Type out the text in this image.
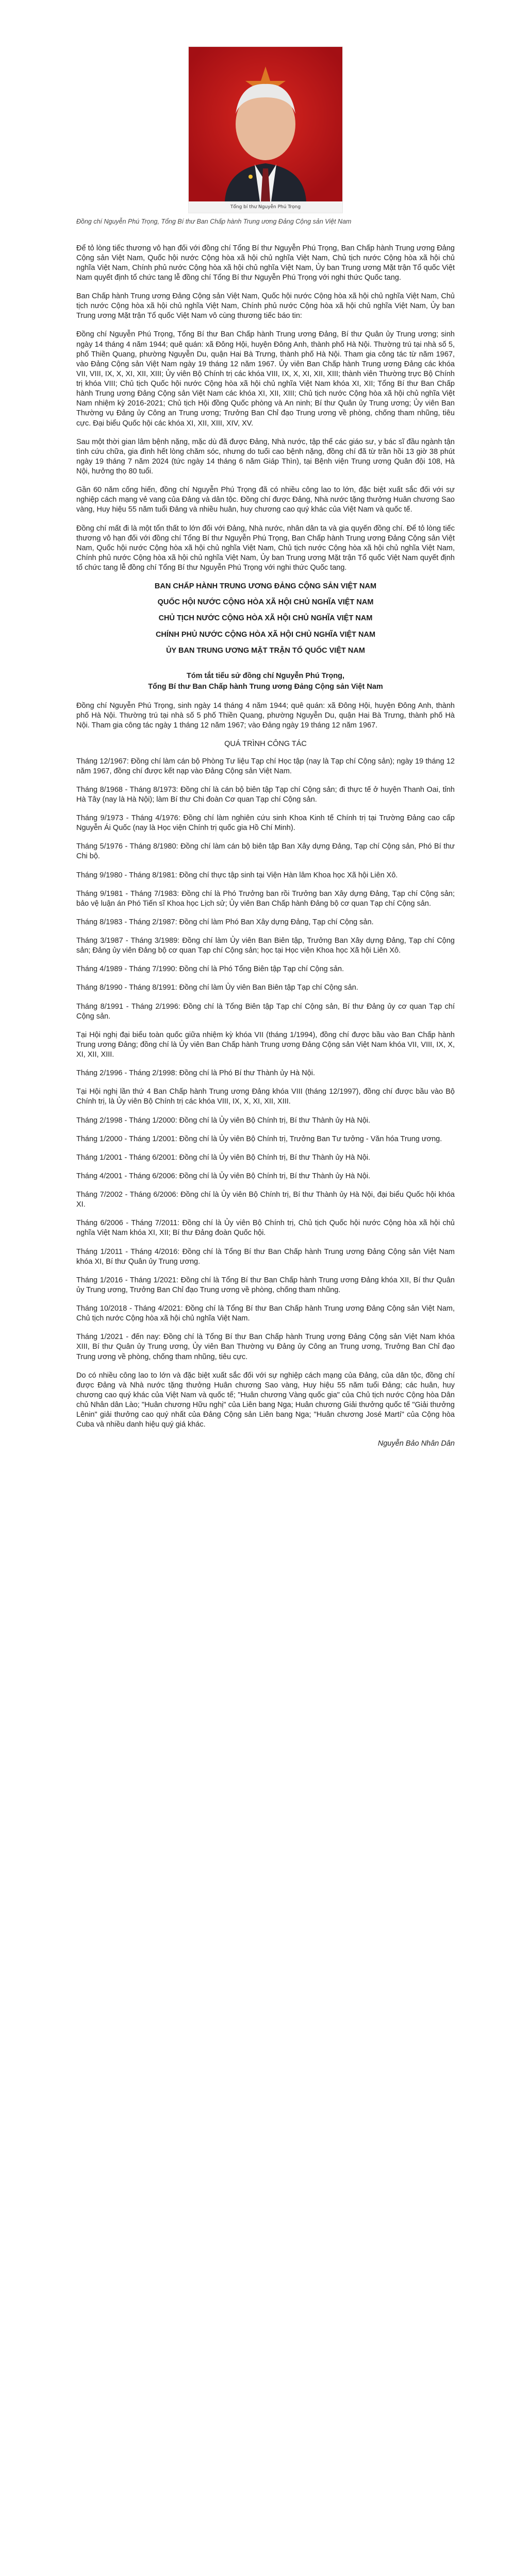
Tổng bí thư Nguyễn Phú Trọng
Đồng chí Nguyễn Phú Trọng, Tổng Bí thư Ban Chấp hành Trung ương Đảng Cộng sản Việt Nam

Để tỏ lòng tiếc thương vô hạn đối với đồng chí Tổng Bí thư Nguyễn Phú Trọng, Ban Chấp hành Trung ương Đảng Cộng sản Việt Nam, Quốc hội nước Cộng hòa xã hội chủ nghĩa Việt Nam, Chủ tịch nước Cộng hòa xã hội chủ nghĩa Việt Nam, Chính phủ nước Cộng hòa xã hội chủ nghĩa Việt Nam, Ủy ban Trung ương Mặt trận Tổ quốc Việt Nam quyết định tổ chức tang lễ đồng chí Tổng Bí thư Nguyễn Phú Trọng với nghi thức Quốc tang.

Ban Chấp hành Trung ương Đảng Cộng sản Việt Nam, Quốc hội nước Cộng hòa xã hội chủ nghĩa Việt Nam, Chủ tịch nước Cộng hòa xã hội chủ nghĩa Việt Nam, Chính phủ nước Cộng hòa xã hội chủ nghĩa Việt Nam, Ủy ban Trung ương Mặt trận Tổ quốc Việt Nam vô cùng thương tiếc báo tin:

Đồng chí Nguyễn Phú Trọng, Tổng Bí thư Ban Chấp hành Trung ương Đảng, Bí thư Quân ủy Trung ương; sinh ngày 14 tháng 4 năm 1944; quê quán: xã Đông Hội, huyện Đông Anh, thành phố Hà Nội. Thường trú tại nhà số 5, phố Thiền Quang, phường Nguyễn Du, quận Hai Bà Trưng, thành phố Hà Nội. Tham gia công tác từ năm 1967, vào Đảng Cộng sản Việt Nam ngày 19 tháng 12 năm 1967. Ủy viên Ban Chấp hành Trung ương Đảng các khóa VII, VIII, IX, X, XI, XII, XIII; Ủy viên Bộ Chính trị các khóa VIII, IX, X, XI, XII, XIII; thành viên Thường trực Bộ Chính trị khóa VIII; Chủ tịch Quốc hội nước Cộng hòa xã hội chủ nghĩa Việt Nam khóa XI, XII; Tổng Bí thư Ban Chấp hành Trung ương Đảng Cộng sản Việt Nam các khóa XI, XII, XIII; Chủ tịch nước Cộng hòa xã hội chủ nghĩa Việt Nam nhiệm kỳ 2016-2021; Chủ tịch Hội đồng Quốc phòng và An ninh; Bí thư Quân ủy Trung ương; Ủy viên Ban Thường vụ Đảng ủy Công an Trung ương; Trưởng Ban Chỉ đạo Trung ương về phòng, chống tham nhũng, tiêu cực. Đại biểu Quốc hội các khóa XI, XII, XIII, XIV, XV.

Sau một thời gian lâm bệnh nặng, mặc dù đã được Đảng, Nhà nước, tập thể các giáo sư, y bác sĩ đầu ngành tận tình cứu chữa, gia đình hết lòng chăm sóc, nhưng do tuổi cao bệnh nặng, đồng chí đã từ trần hồi 13 giờ 38 phút ngày 19 tháng 7 năm 2024 (tức ngày 14 tháng 6 năm Giáp Thìn), tại Bệnh viện Trung ương Quân đội 108, Hà Nội, hưởng thọ 80 tuổi.

Gần 60 năm cống hiến, đồng chí Nguyễn Phú Trọng đã có nhiều công lao to lớn, đặc biệt xuất sắc đối với sự nghiệp cách mạng vẻ vang của Đảng và dân tộc. Đồng chí được Đảng, Nhà nước tặng thưởng Huân chương Sao vàng, Huy hiệu 55 năm tuổi Đảng và nhiều huân, huy chương cao quý khác của Việt Nam và quốc tế.

Đồng chí mất đi là một tổn thất to lớn đối với Đảng, Nhà nước, nhân dân ta và gia quyến đồng chí. Để tỏ lòng tiếc thương vô hạn đối với đồng chí Tổng Bí thư Nguyễn Phú Trọng, Ban Chấp hành Trung ương Đảng Cộng sản Việt Nam, Quốc hội nước Cộng hòa xã hội chủ nghĩa Việt Nam, Chủ tịch nước Cộng hòa xã hội chủ nghĩa Việt Nam, Chính phủ nước Cộng hòa xã hội chủ nghĩa Việt Nam, Ủy ban Trung ương Mặt trận Tổ quốc Việt Nam quyết định tổ chức tang lễ đồng chí Tổng Bí thư Nguyễn Phú Trọng với nghi thức Quốc tang.

BAN CHẤP HÀNH TRUNG ƯƠNG ĐẢNG CỘNG SẢN VIỆT NAM
QUỐC HỘI NƯỚC CỘNG HÒA XÃ HỘI CHỦ NGHĨA VIỆT NAM
CHỦ TỊCH NƯỚC CỘNG HÒA XÃ HỘI CHỦ NGHĨA VIỆT NAM
CHÍNH PHỦ NƯỚC CỘNG HÒA XÃ HỘI CHỦ NGHĨA VIỆT NAM
ỦY BAN TRUNG ƯƠNG MẶT TRẬN TỔ QUỐC VIỆT NAM
Tóm tắt tiểu sử đồng chí Nguyễn Phú Trọng,
Tổng Bí thư Ban Chấp hành Trung ương Đảng Cộng sản Việt Nam

Đồng chí Nguyễn Phú Trọng, sinh ngày 14 tháng 4 năm 1944; quê quán: xã Đông Hội, huyện Đông Anh, thành phố Hà Nội. Thường trú tại nhà số 5 phố Thiền Quang, phường Nguyễn Du, quận Hai Bà Trưng, thành phố Hà Nội. Tham gia công tác ngày 1 tháng 12 năm 1967; vào Đảng ngày 19 tháng 12 năm 1967.

QUÁ TRÌNH CÔNG TÁC

Tháng 12/1967: Đồng chí làm cán bộ Phòng Tư liệu Tạp chí Học tập (nay là Tạp chí Cộng sản); ngày 19 tháng 12 năm 1967, đồng chí được kết nạp vào Đảng Cộng sản Việt Nam.

Tháng 8/1968 - Tháng 8/1973: Đồng chí là cán bộ biên tập Tạp chí Cộng sản; đi thực tế ở huyện Thanh Oai, tỉnh Hà Tây (nay là Hà Nội); làm Bí thư Chi đoàn Cơ quan Tạp chí Cộng sản.

Tháng 9/1973 - Tháng 4/1976: Đồng chí làm nghiên cứu sinh Khoa Kinh tế Chính trị tại Trường Đảng cao cấp Nguyễn Ái Quốc (nay là Học viện Chính trị quốc gia Hồ Chí Minh).

Tháng 5/1976 - Tháng 8/1980: Đồng chí làm cán bộ biên tập Ban Xây dựng Đảng, Tạp chí Cộng sản, Phó Bí thư Chi bộ.

Tháng 9/1980 - Tháng 8/1981: Đồng chí thực tập sinh tại Viện Hàn lâm Khoa học Xã hội Liên Xô.

Tháng 9/1981 - Tháng 7/1983: Đồng chí là Phó Trưởng ban rồi Trưởng ban Xây dựng Đảng, Tạp chí Cộng sản; bảo vệ luận án Phó Tiến sĩ Khoa học Lịch sử; Ủy viên Ban Chấp hành Đảng bộ cơ quan Tạp chí Cộng sản.

Tháng 8/1983 - Tháng 2/1987: Đồng chí làm Phó Ban Xây dựng Đảng, Tạp chí Cộng sản.

Tháng 3/1987 - Tháng 3/1989: Đồng chí làm Ủy viên Ban Biên tập, Trưởng Ban Xây dựng Đảng, Tạp chí Cộng sản; Đảng ủy viên Đảng bộ cơ quan Tạp chí Cộng sản; học tại Học viện Khoa học Xã hội Liên Xô.

Tháng 4/1989 - Tháng 7/1990: Đồng chí là Phó Tổng Biên tập Tạp chí Cộng sản.

Tháng 8/1990 - Tháng 8/1991: Đồng chí làm Ủy viên Ban Biên tập Tạp chí Cộng sản.

Tháng 8/1991 - Tháng 2/1996: Đồng chí là Tổng Biên tập Tạp chí Cộng sản, Bí thư Đảng ủy cơ quan Tạp chí Cộng sản.

Tại Hội nghị đại biểu toàn quốc giữa nhiệm kỳ khóa VII (tháng 1/1994), đồng chí được bầu vào Ban Chấp hành Trung ương Đảng; đồng chí là Ủy viên Ban Chấp hành Trung ương Đảng Cộng sản Việt Nam khóa VII, VIII, IX, X, XI, XII, XIII.

Tháng 2/1996 - Tháng 2/1998: Đồng chí là Phó Bí thư Thành ủy Hà Nội.

Tại Hội nghị lần thứ 4 Ban Chấp hành Trung ương Đảng khóa VIII (tháng 12/1997), đồng chí được bầu vào Bộ Chính trị, là Ủy viên Bộ Chính trị các khóa VIII, IX, X, XI, XII, XIII.

Tháng 2/1998 - Tháng 1/2000: Đồng chí là Ủy viên Bộ Chính trị, Bí thư Thành ủy Hà Nội.

Tháng 1/2000 - Tháng 1/2001: Đồng chí là Ủy viên Bộ Chính trị, Trưởng Ban Tư tưởng - Văn hóa Trung ương.

Tháng 1/2001 - Tháng 6/2001: Đồng chí là Ủy viên Bộ Chính trị, Bí thư Thành ủy Hà Nội.

Tháng 4/2001 - Tháng 6/2006: Đồng chí là Ủy viên Bộ Chính trị, Bí thư Thành ủy Hà Nội.

Tháng 7/2002 - Tháng 6/2006: Đồng chí là Ủy viên Bộ Chính trị, Bí thư Thành ủy Hà Nội, đại biểu Quốc hội khóa XI.

Tháng 6/2006 - Tháng 7/2011: Đồng chí là Ủy viên Bộ Chính trị, Chủ tịch Quốc hội nước Cộng hòa xã hội chủ nghĩa Việt Nam khóa XI, XII; Bí thư Đảng đoàn Quốc hội.

Tháng 1/2011 - Tháng 4/2016: Đồng chí là Tổng Bí thư Ban Chấp hành Trung ương Đảng Cộng sản Việt Nam khóa XI, Bí thư Quân ủy Trung ương.

Tháng 1/2016 - Tháng 1/2021: Đồng chí là Tổng Bí thư Ban Chấp hành Trung ương Đảng khóa XII, Bí thư Quân ủy Trung ương, Trưởng Ban Chỉ đạo Trung ương về phòng, chống tham nhũng.

Tháng 10/2018 - Tháng 4/2021: Đồng chí là Tổng Bí thư Ban Chấp hành Trung ương Đảng Cộng sản Việt Nam, Chủ tịch nước Cộng hòa xã hội chủ nghĩa Việt Nam.

Tháng 1/2021 - đến nay: Đồng chí là Tổng Bí thư Ban Chấp hành Trung ương Đảng Cộng sản Việt Nam khóa XIII, Bí thư Quân ủy Trung ương, Ủy viên Ban Thường vụ Đảng ủy Công an Trung ương, Trưởng Ban Chỉ đạo Trung ương về phòng, chống tham nhũng, tiêu cực.

Do có nhiều công lao to lớn và đặc biệt xuất sắc đối với sự nghiệp cách mạng của Đảng, của dân tộc, đồng chí được Đảng và Nhà nước tặng thưởng Huân chương Sao vàng, Huy hiệu 55 năm tuổi Đảng; các huân, huy chương cao quý khác của Việt Nam và quốc tế; "Huân chương Vàng quốc gia" của Chủ tịch nước Cộng hòa Dân chủ Nhân dân Lào; "Huân chương Hữu nghị" của Liên bang Nga; Huân chương Giải thưởng quốc tế "Giải thưởng Lênin" giải thưởng cao quý nhất của Đảng Cộng sản Liên bang Nga; "Huân chương José Martí" của Cộng hòa Cuba và nhiều danh hiệu quý giá khác.

Nguyễn Bảo Nhân Dân
